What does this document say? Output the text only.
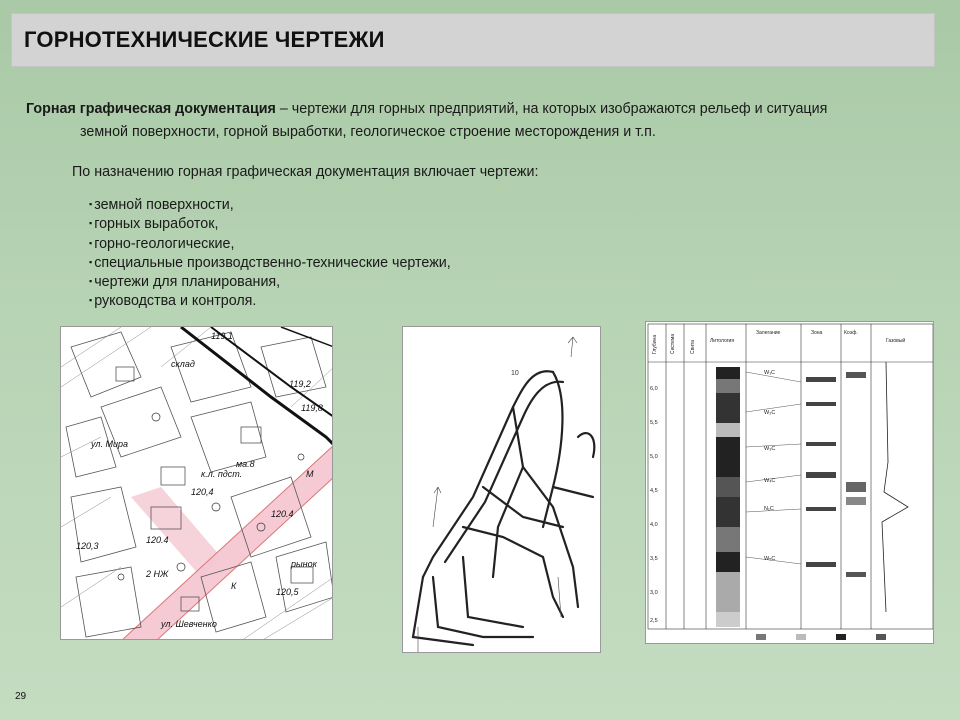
ГОРНОТЕХНИЧЕСКИЕ ЧЕРТЕЖИ

Горная графическая документация – чертежи для горных предприятий, на которых изображаются рельеф и ситуация
земной поверхности, горной выработки, геологическое строение месторождения и т.п.

По назначению горная графическая документация включает чертежи:

▪ земной поверхности,
▪ горных выработок,
▪ горно-геологические,
▪ специальные производственно-технические чертежи,
▪ чертежи для планирования,
▪ руководства и контроля.
119,1
119,2
119,8
120,4
120,3
120.4
120.4
120,5
ма.8
к.л. пдст.
2 НЖ
рынок
склад
ул. Мира
ул. Шевченко
К
М
10
Глубина Система	Свита	Литология
Залегание	Зона	Коэф.
Газовый
6,0
5,5
5,0
4,5
4,0
3,5
3,0
2,5
W₁C
W₂C
W₃C
W₄C
N₁C
W₅C
29
